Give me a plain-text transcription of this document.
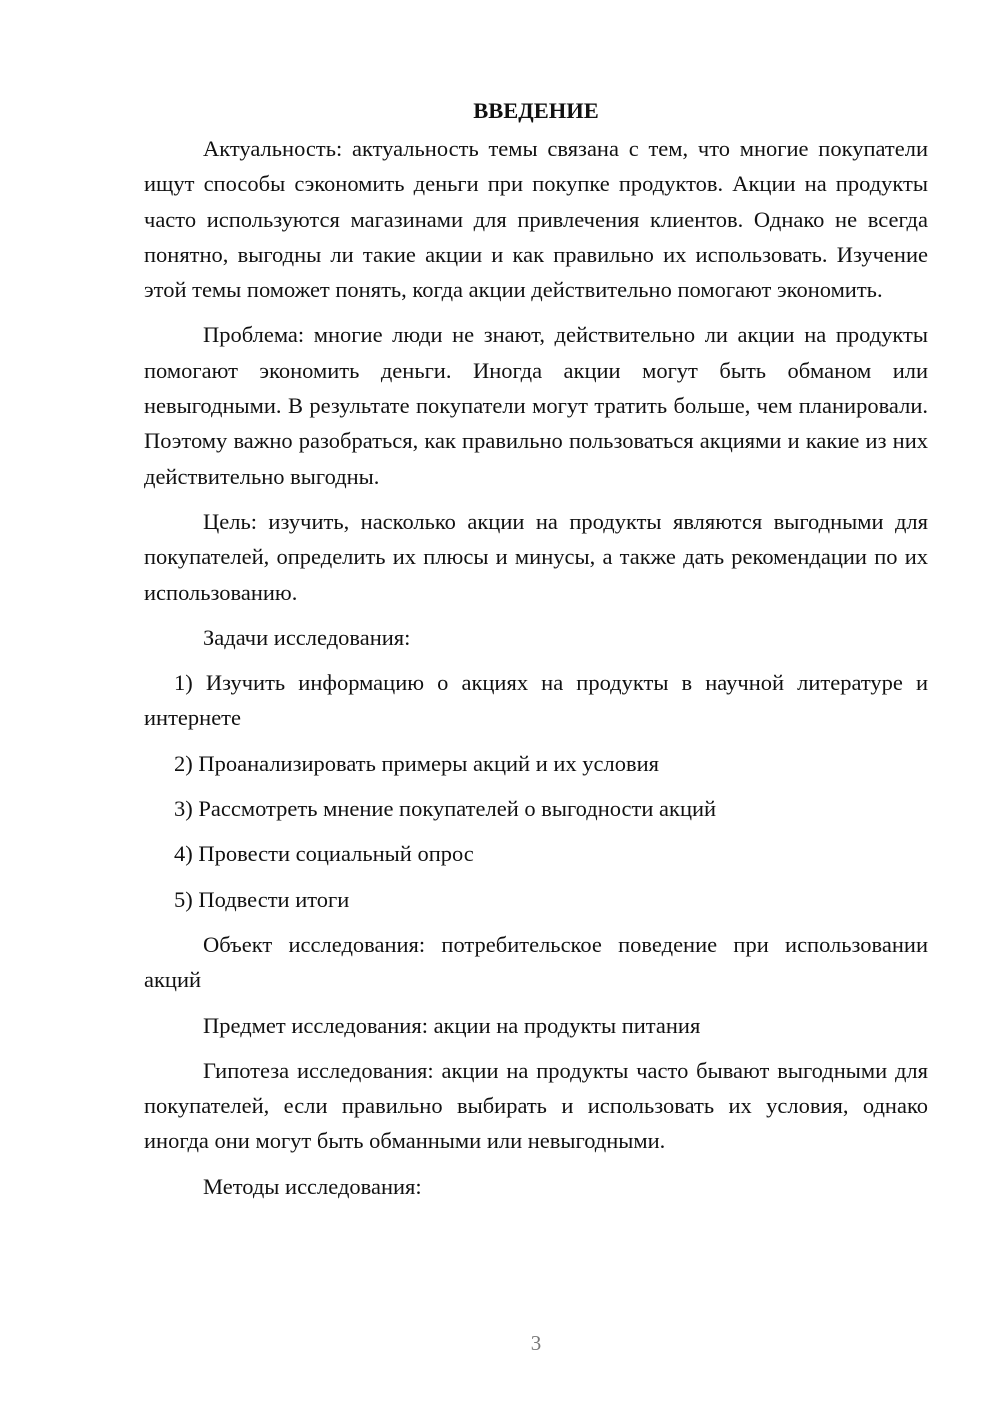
ВВЕДЕНИЕ

Актуальность: актуальность темы связана с тем, что многие покупатели ищут способы сэкономить деньги при покупке продуктов. Акции на продукты часто используются магазинами для привлечения клиентов. Однако не всегда понятно, выгодны ли такие акции и как правильно их использовать. Изучение этой темы поможет понять, когда акции действительно помогают экономить.

Проблема: многие люди не знают, действительно ли акции на продукты помогают экономить деньги. Иногда акции могут быть обманом или невыгодными. В результате покупатели могут тратить больше, чем планировали. Поэтому важно разобраться, как правильно пользоваться акциями и какие из них действительно выгодны.

Цель: изучить, насколько акции на продукты являются выгодными для покупателей, определить их плюсы и минусы, а также дать рекомендации по их использованию.

Задачи исследования:

1) Изучить информацию о акциях на продукты в научной литературе и интернете

2) Проанализировать примеры акций и их условия

3) Рассмотреть мнение покупателей о выгодности акций

4) Провести социальный опрос

5) Подвести итоги

Объект исследования: потребительское поведение при использовании акций

Предмет исследования: акции на продукты питания

Гипотеза исследования: акции на продукты часто бывают выгодными для покупателей, если правильно выбирать и использовать их условия, однако иногда они могут быть обманными или невыгодными.

Методы исследования:

3
